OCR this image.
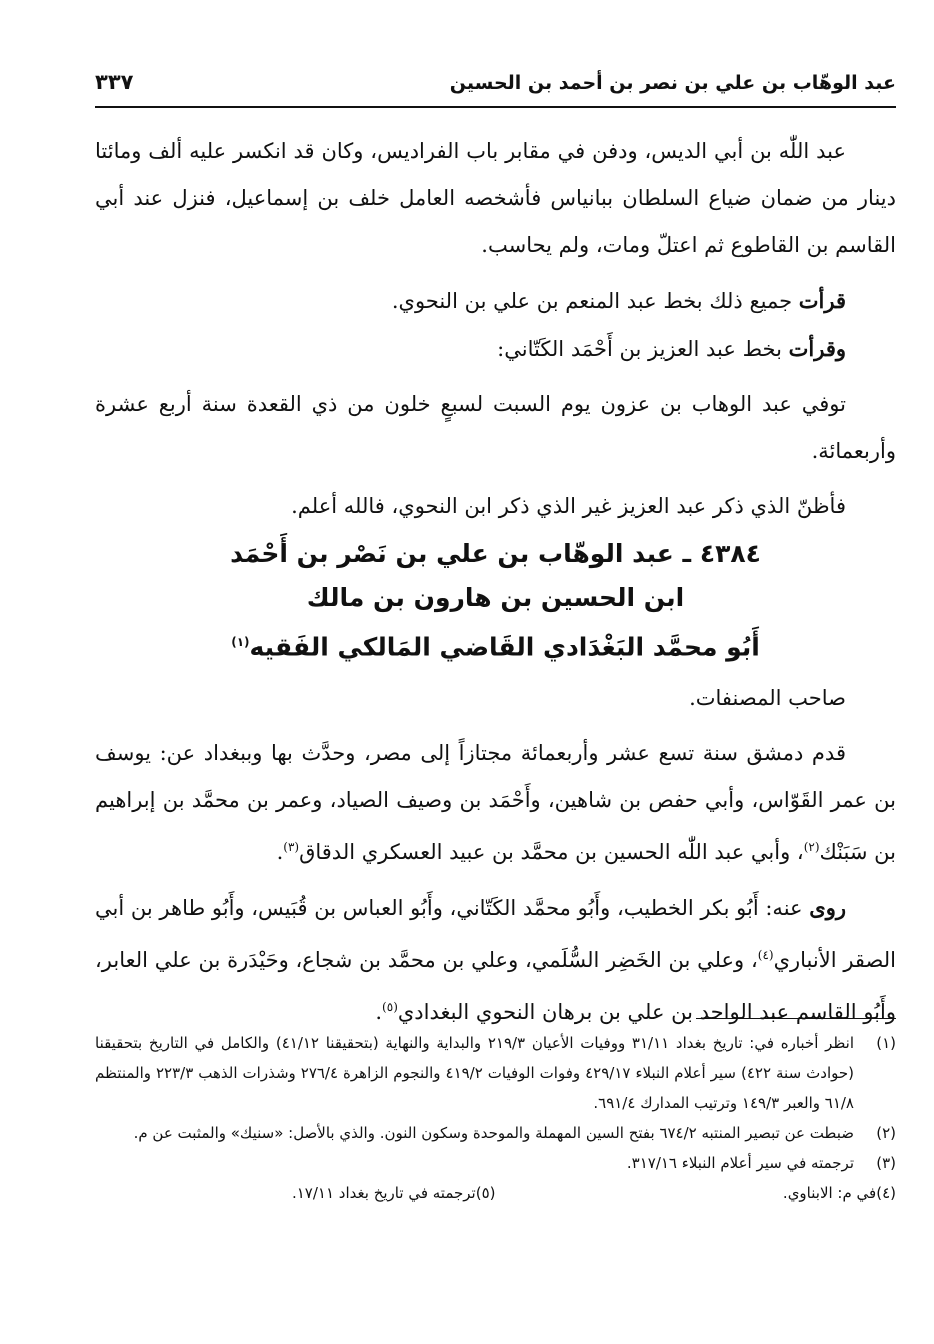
عبد الوهّاب بن علي بن نصر بن أحمد بن الحسين
٣٣٧

عبد اللّٰه بن أبي الديس، ودفن في مقابر باب الفراديس، وكان قد انكسر عليه ألف ومائتا دينار من ضمان ضياع السلطان ببانياس فأشخصه العامل خلف بن إسماعيل، فنزل عند أبي القاسم بن القاطوع ثم اعتلّ ومات، ولم يحاسب.

قرأت جميع ذلك بخط عبد المنعم بن علي بن النحوي.

وقرأت بخط عبد العزيز بن أَحْمَد الكَتّاني:

توفي عبد الوهاب بن عزون يوم السبت لسبعٍ خلون من ذي القعدة سنة أربع عشرة وأربعمائة.

فأظنّ الذي ذكر عبد العزيز غير الذي ذكر ابن النحوي، فالله أعلم.

٤٣٨٤ ـ عبد الوهّاب بن علي بن نَصْر بن أَحْمَد
ابن الحسين بن هارون بن مالك
أَبُو محمَّد البَغْدَادي القَاضي المَالكي الفَقيه$^{(١)}$

صاحب المصنفات.

قدم دمشق سنة تسع عشر وأربعمائة مجتازاً إلى مصر، وحدَّث بها وببغداد عن: يوسف بن عمر القَوّاس، وأبي حفص بن شاهين، وأَحْمَد بن وصيف الصياد، وعمر بن محمَّد بن إبراهيم بن سَبَنْك$^{(٢)}$، وأبي عبد اللّٰه الحسين بن محمَّد بن عبيد العسكري الدقاق$^{(٣)}$.

روى عنه: أَبُو بكر الخطيب، وأَبُو محمَّد الكَتّاني، وأَبُو العباس بن قُبَيس، وأَبُو طاهر بن أبي الصقر الأنباري$^{(٤)}$، وعلي بن الخَضِر السُّلَمي، وعلي بن محمَّد بن شجاع، وحَيْدَرة بن علي العابر، وأَبُو القاسم عبد الواحد بن علي بن برهان النحوي البغدادي$^{(٥)}$.

(١)
انظر أخباره في: تاريخ بغداد ٣١/١١ ووفيات الأعيان ٢١٩/٣ والبداية والنهاية (بتحقيقنا ٤١/١٢) والكامل في التاريخ بتحقيقنا (حوادث سنة ٤٢٢) سير أعلام النبلاء ٤٢٩/١٧ وفوات الوفيات ٤١٩/٢ والنجوم الزاهرة ٢٧٦/٤ وشذرات الذهب ٢٢٣/٣ والمنتظم ٦١/٨ والعبر ١٤٩/٣ وترتيب المدارك ٦٩١/٤.
(٢)
ضبطت عن تبصير المنتبه ٦٧٤/٢ بفتح السين المهملة والموحدة وسكون النون. والذي بالأصل: «سنيك» والمثبت عن م.
(٣)
ترجمته في سير أعلام النبلاء ٣١٧/١٦.
(٤)
في م: الابناوي.
(٥)
ترجمته في تاريخ بغداد ١٧/١١.
